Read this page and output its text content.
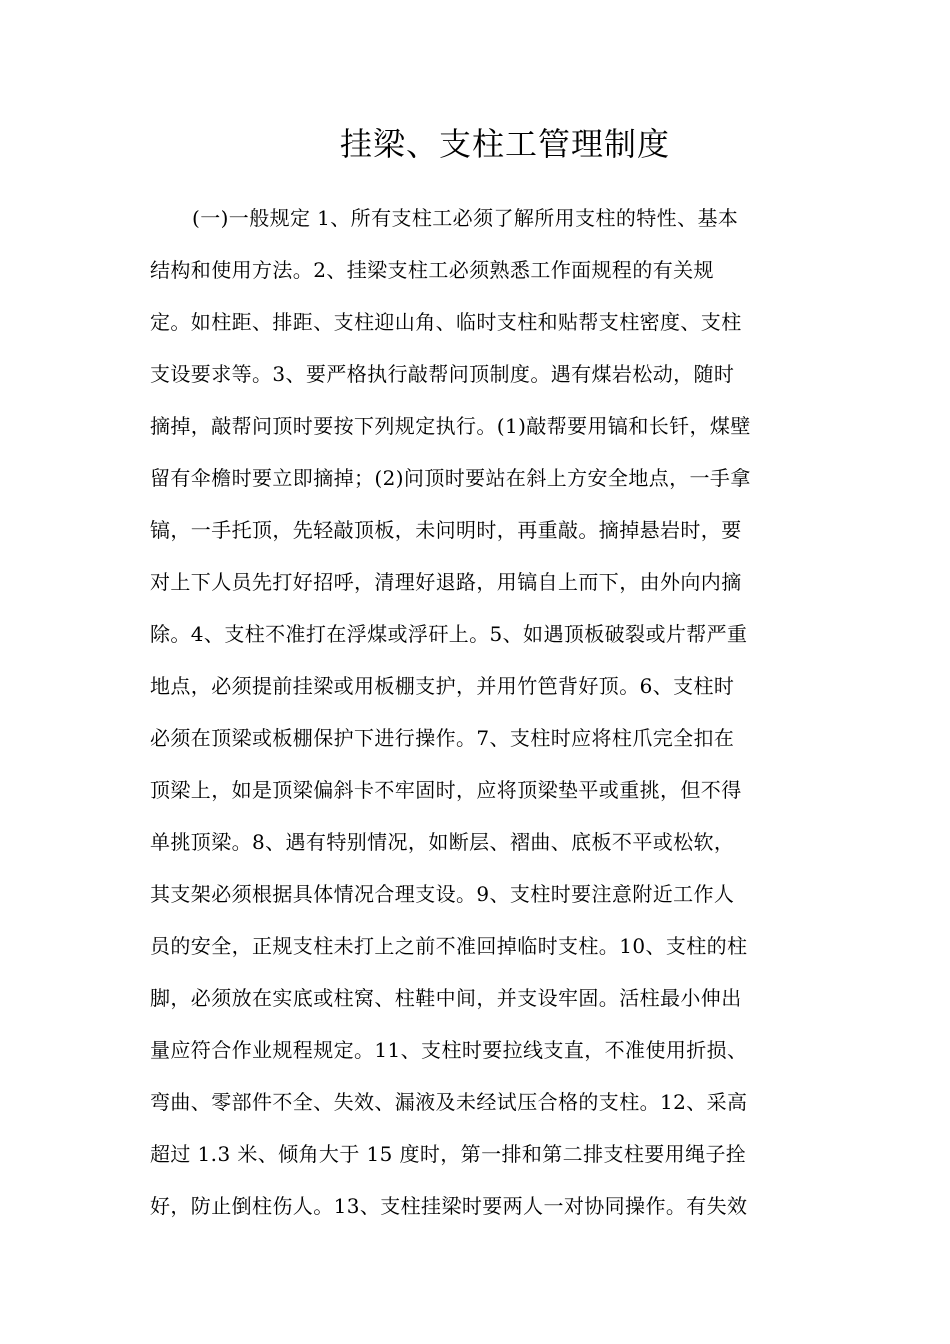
挂梁、支柱工管理制度
(一)一般规定 1、所有支柱工必须了解所用支柱的特性、基本
结构和使用方法。2、挂梁支柱工必须熟悉工作面规程的有关规
定。如柱距、排距、支柱迎山角、临时支柱和贴帮支柱密度、支柱
支设要求等。3、要严格执行敲帮问顶制度。遇有煤岩松动，随时
摘掉，敲帮问顶时要按下列规定执行。(1)敲帮要用镐和长钎，煤壁
留有伞檐时要立即摘掉；(2)问顶时要站在斜上方安全地点，一手拿
镐，一手托顶，先轻敲顶板，未问明时，再重敲。摘掉悬岩时，要
对上下人员先打好招呼，清理好退路，用镐自上而下，由外向内摘
除。4、支柱不准打在浮煤或浮矸上。5、如遇顶板破裂或片帮严重
地点，必须提前挂梁或用板棚支护，并用竹笆背好顶。6、支柱时
必须在顶梁或板棚保护下进行操作。7、支柱时应将柱爪完全扣在
顶梁上，如是顶梁偏斜卡不牢固时，应将顶梁垫平或重挑，但不得
单挑顶梁。8、遇有特别情况，如断层、褶曲、底板不平或松软，
其支架必须根据具体情况合理支设。9、支柱时要注意附近工作人
员的安全，正规支柱未打上之前不准回掉临时支柱。10、支柱的柱
脚，必须放在实底或柱窝、柱鞋中间，并支设牢固。活柱最小伸出
量应符合作业规程规定。11、支柱时要拉线支直，不准使用折损、
弯曲、零部件不全、失效、漏液及未经试压合格的支柱。12、采高
超过 1.3 米、倾角大于 15 度时，第一排和第二排支柱要用绳子拴
好，防止倒柱伤人。13、支柱挂梁时要两人一对协同操作。有失效
